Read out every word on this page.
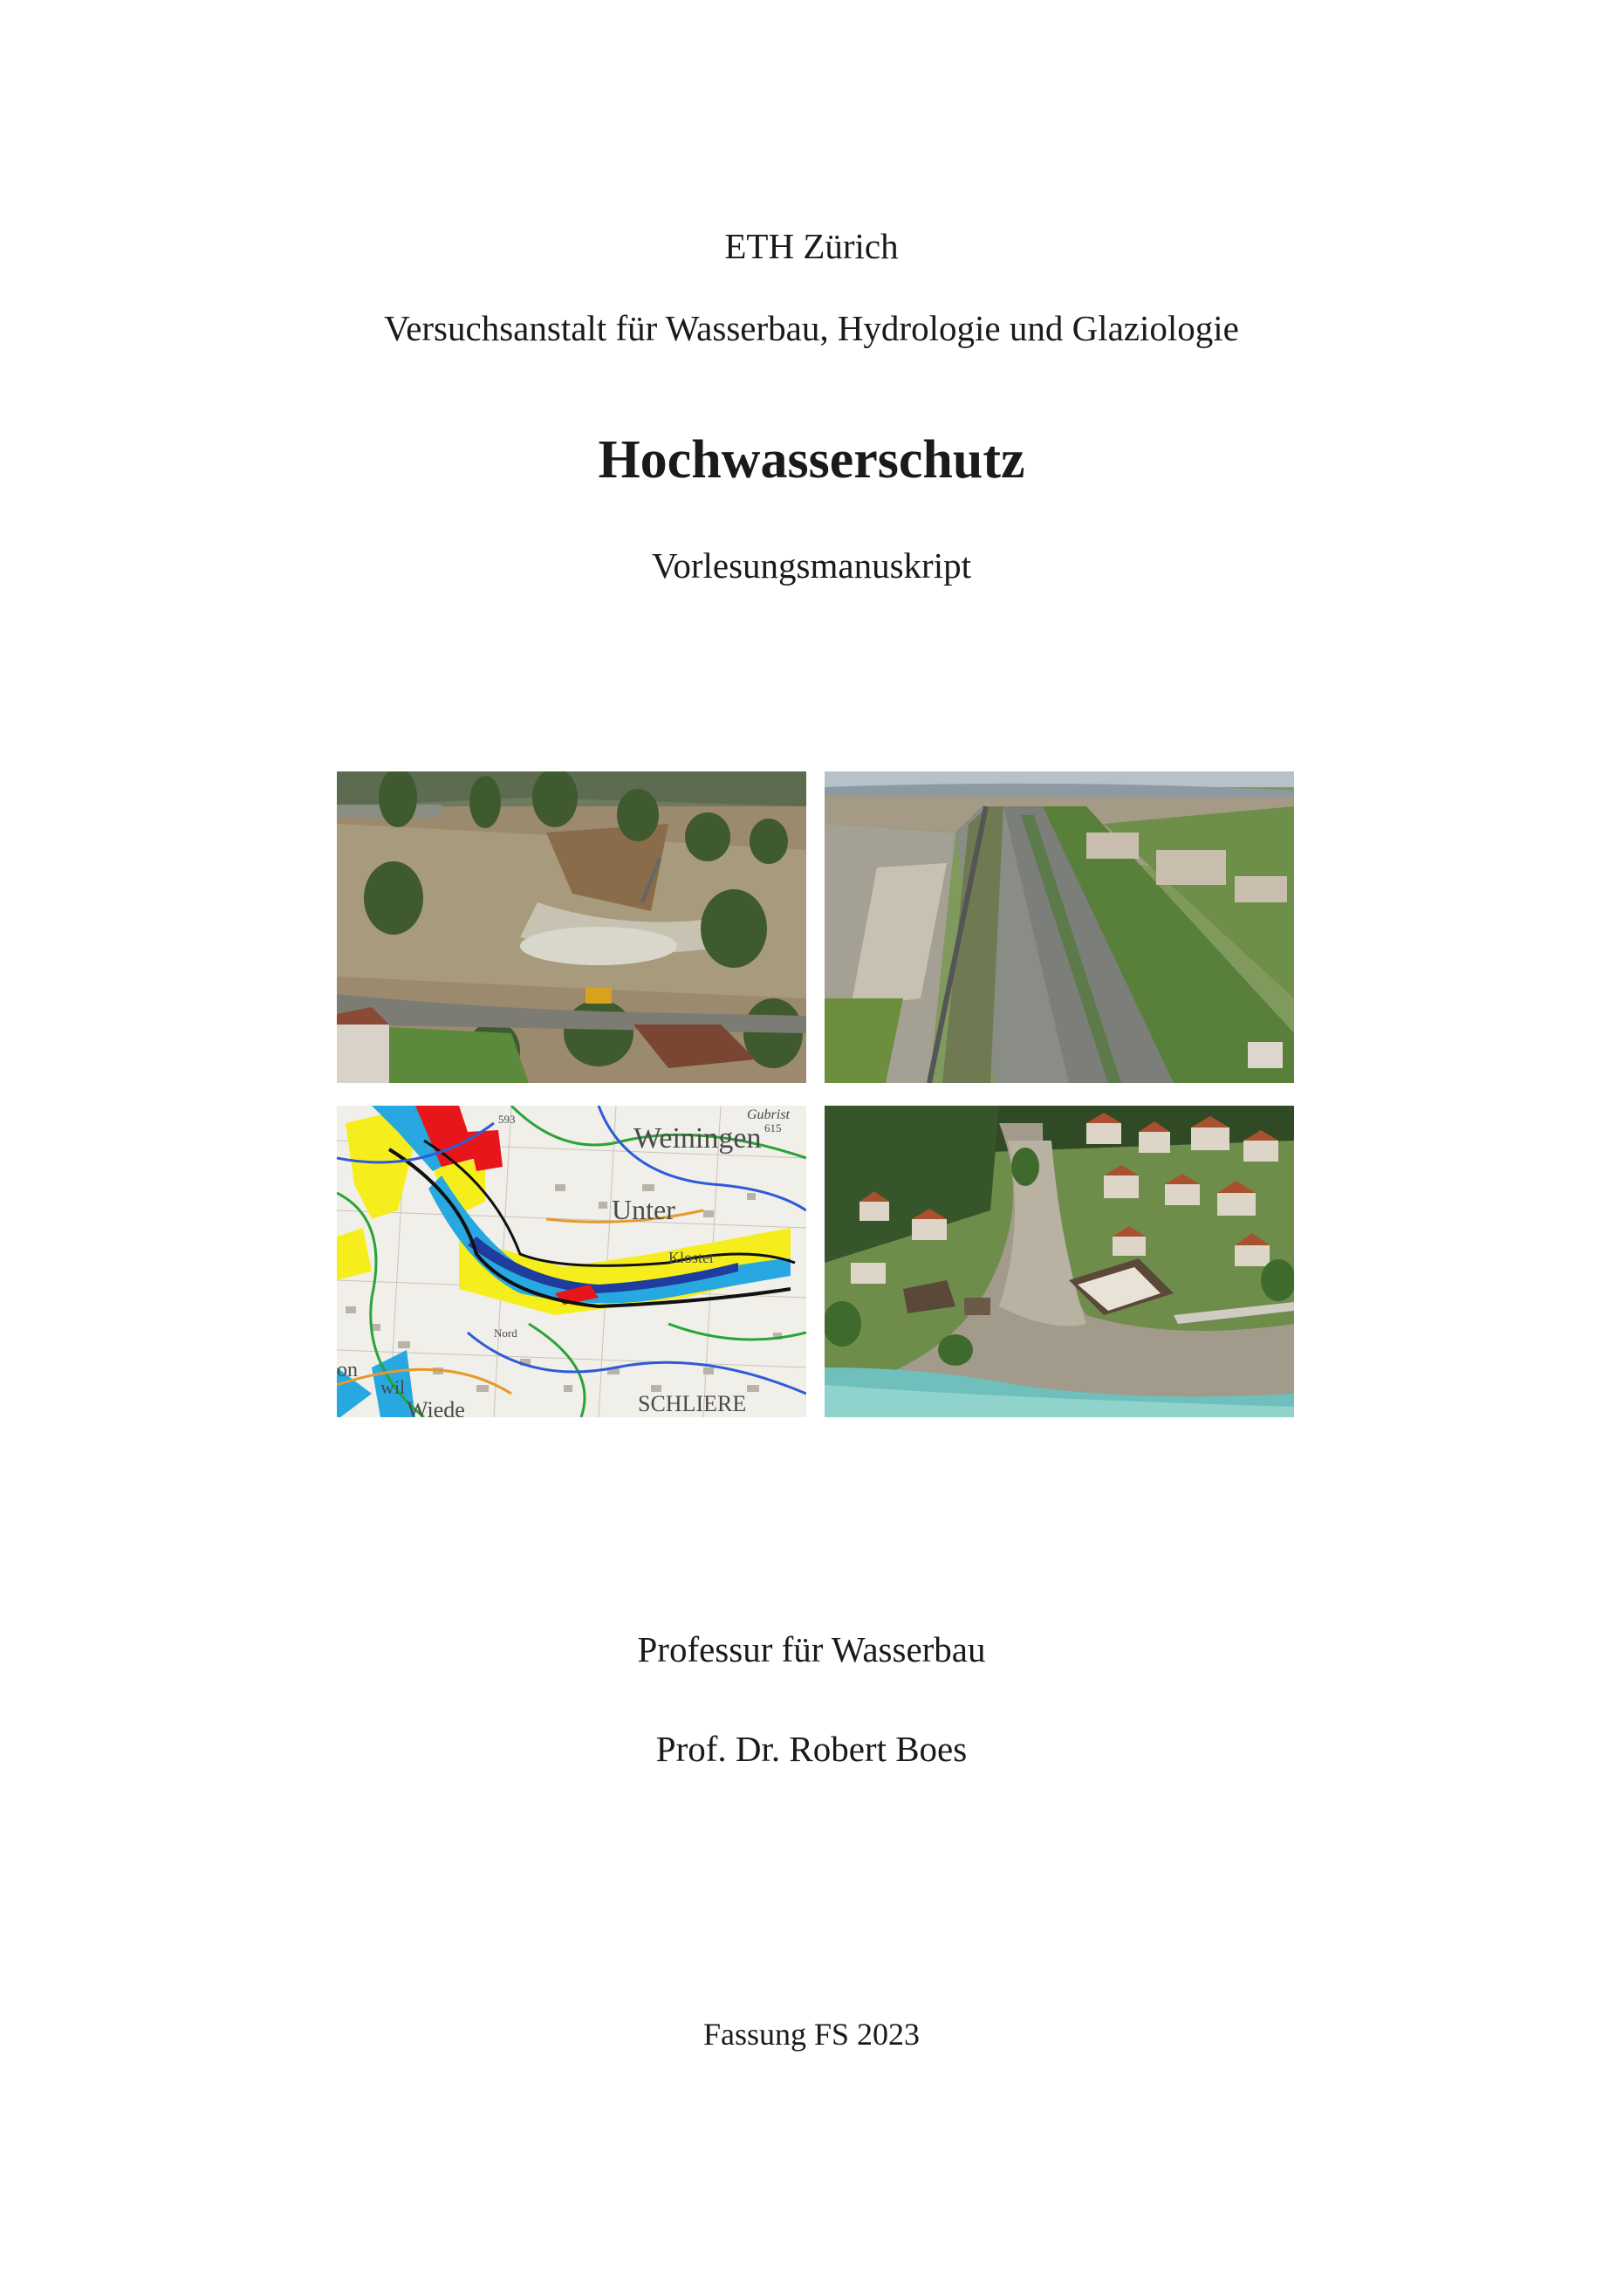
ETH Zürich
Versuchsanstalt für Wasserbau, Hydrologie und Glaziologie
Hochwasserschutz
Vorlesungsmanuskript
Weiningen
Unter
Kloster
SCHLIERE
Gubrist
615
593
Nord
wil
Wiede
on
Professur für Wasserbau
Prof. Dr. Robert Boes
Fassung FS 2023
